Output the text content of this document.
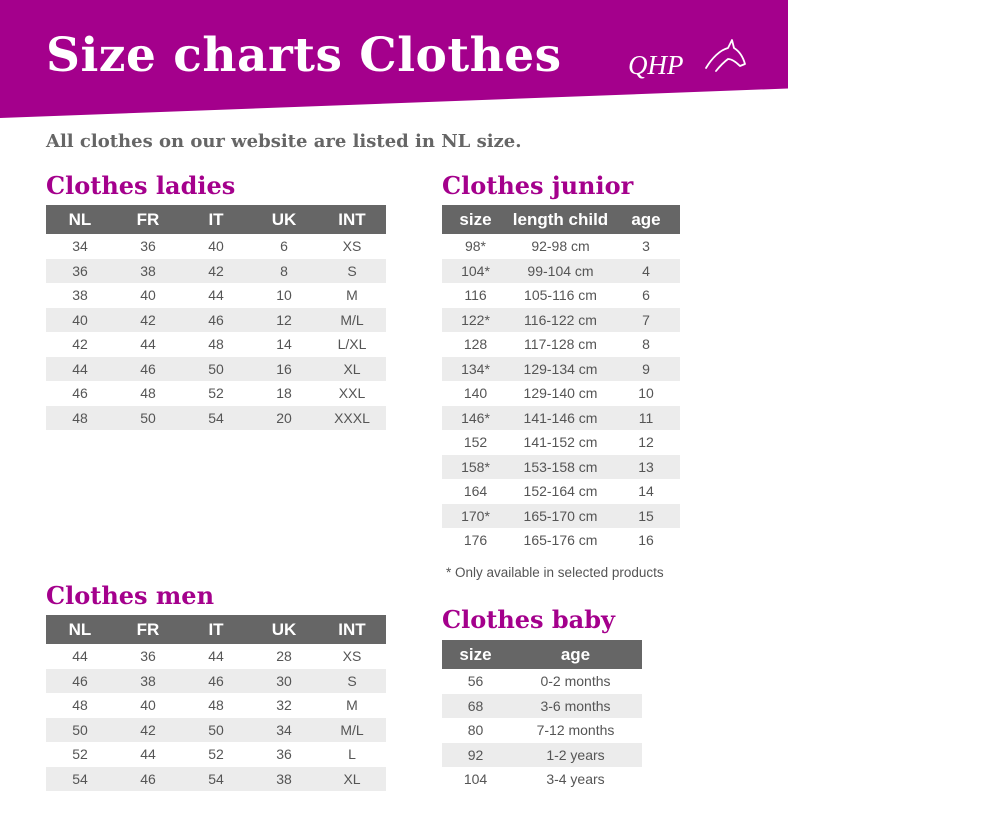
Size charts Clothes QHP

All clothes on our website are listed in NL size.

Clothes ladies
NL	FR	IT	UK	INT
34	36	40	6	XS
36	38	42	8	S
38	40	44	10	M
40	42	46	12	M/L
42	44	48	14	L/XL
44	46	50	16	XL
46	48	52	18	XXL
48	50	54	20	XXXL
Clothes junior
size	length child	age
98*	92-98 cm	3
104*	99-104 cm	4
116	105-116 cm	6
122*	116-122 cm	7
128	117-128 cm	8
134*	129-134 cm	9
140	129-140 cm	10
146*	141-146 cm	11
152	141-152 cm	12
158*	153-158 cm	13
164	152-164 cm	14
170*	165-170 cm	15
176	165-176 cm	16

* Only available in selected products

Clothes men
NL	FR	IT	UK	INT
44	36	44	28	XS
46	38	46	30	S
48	40	48	32	M
50	42	50	34	M/L
52	44	52	36	L
54	46	54	38	XL
Clothes baby
size	age
56	0-2 months
68	3-6 months
80	7-12 months
92	1-2 years
104	3-4 years
